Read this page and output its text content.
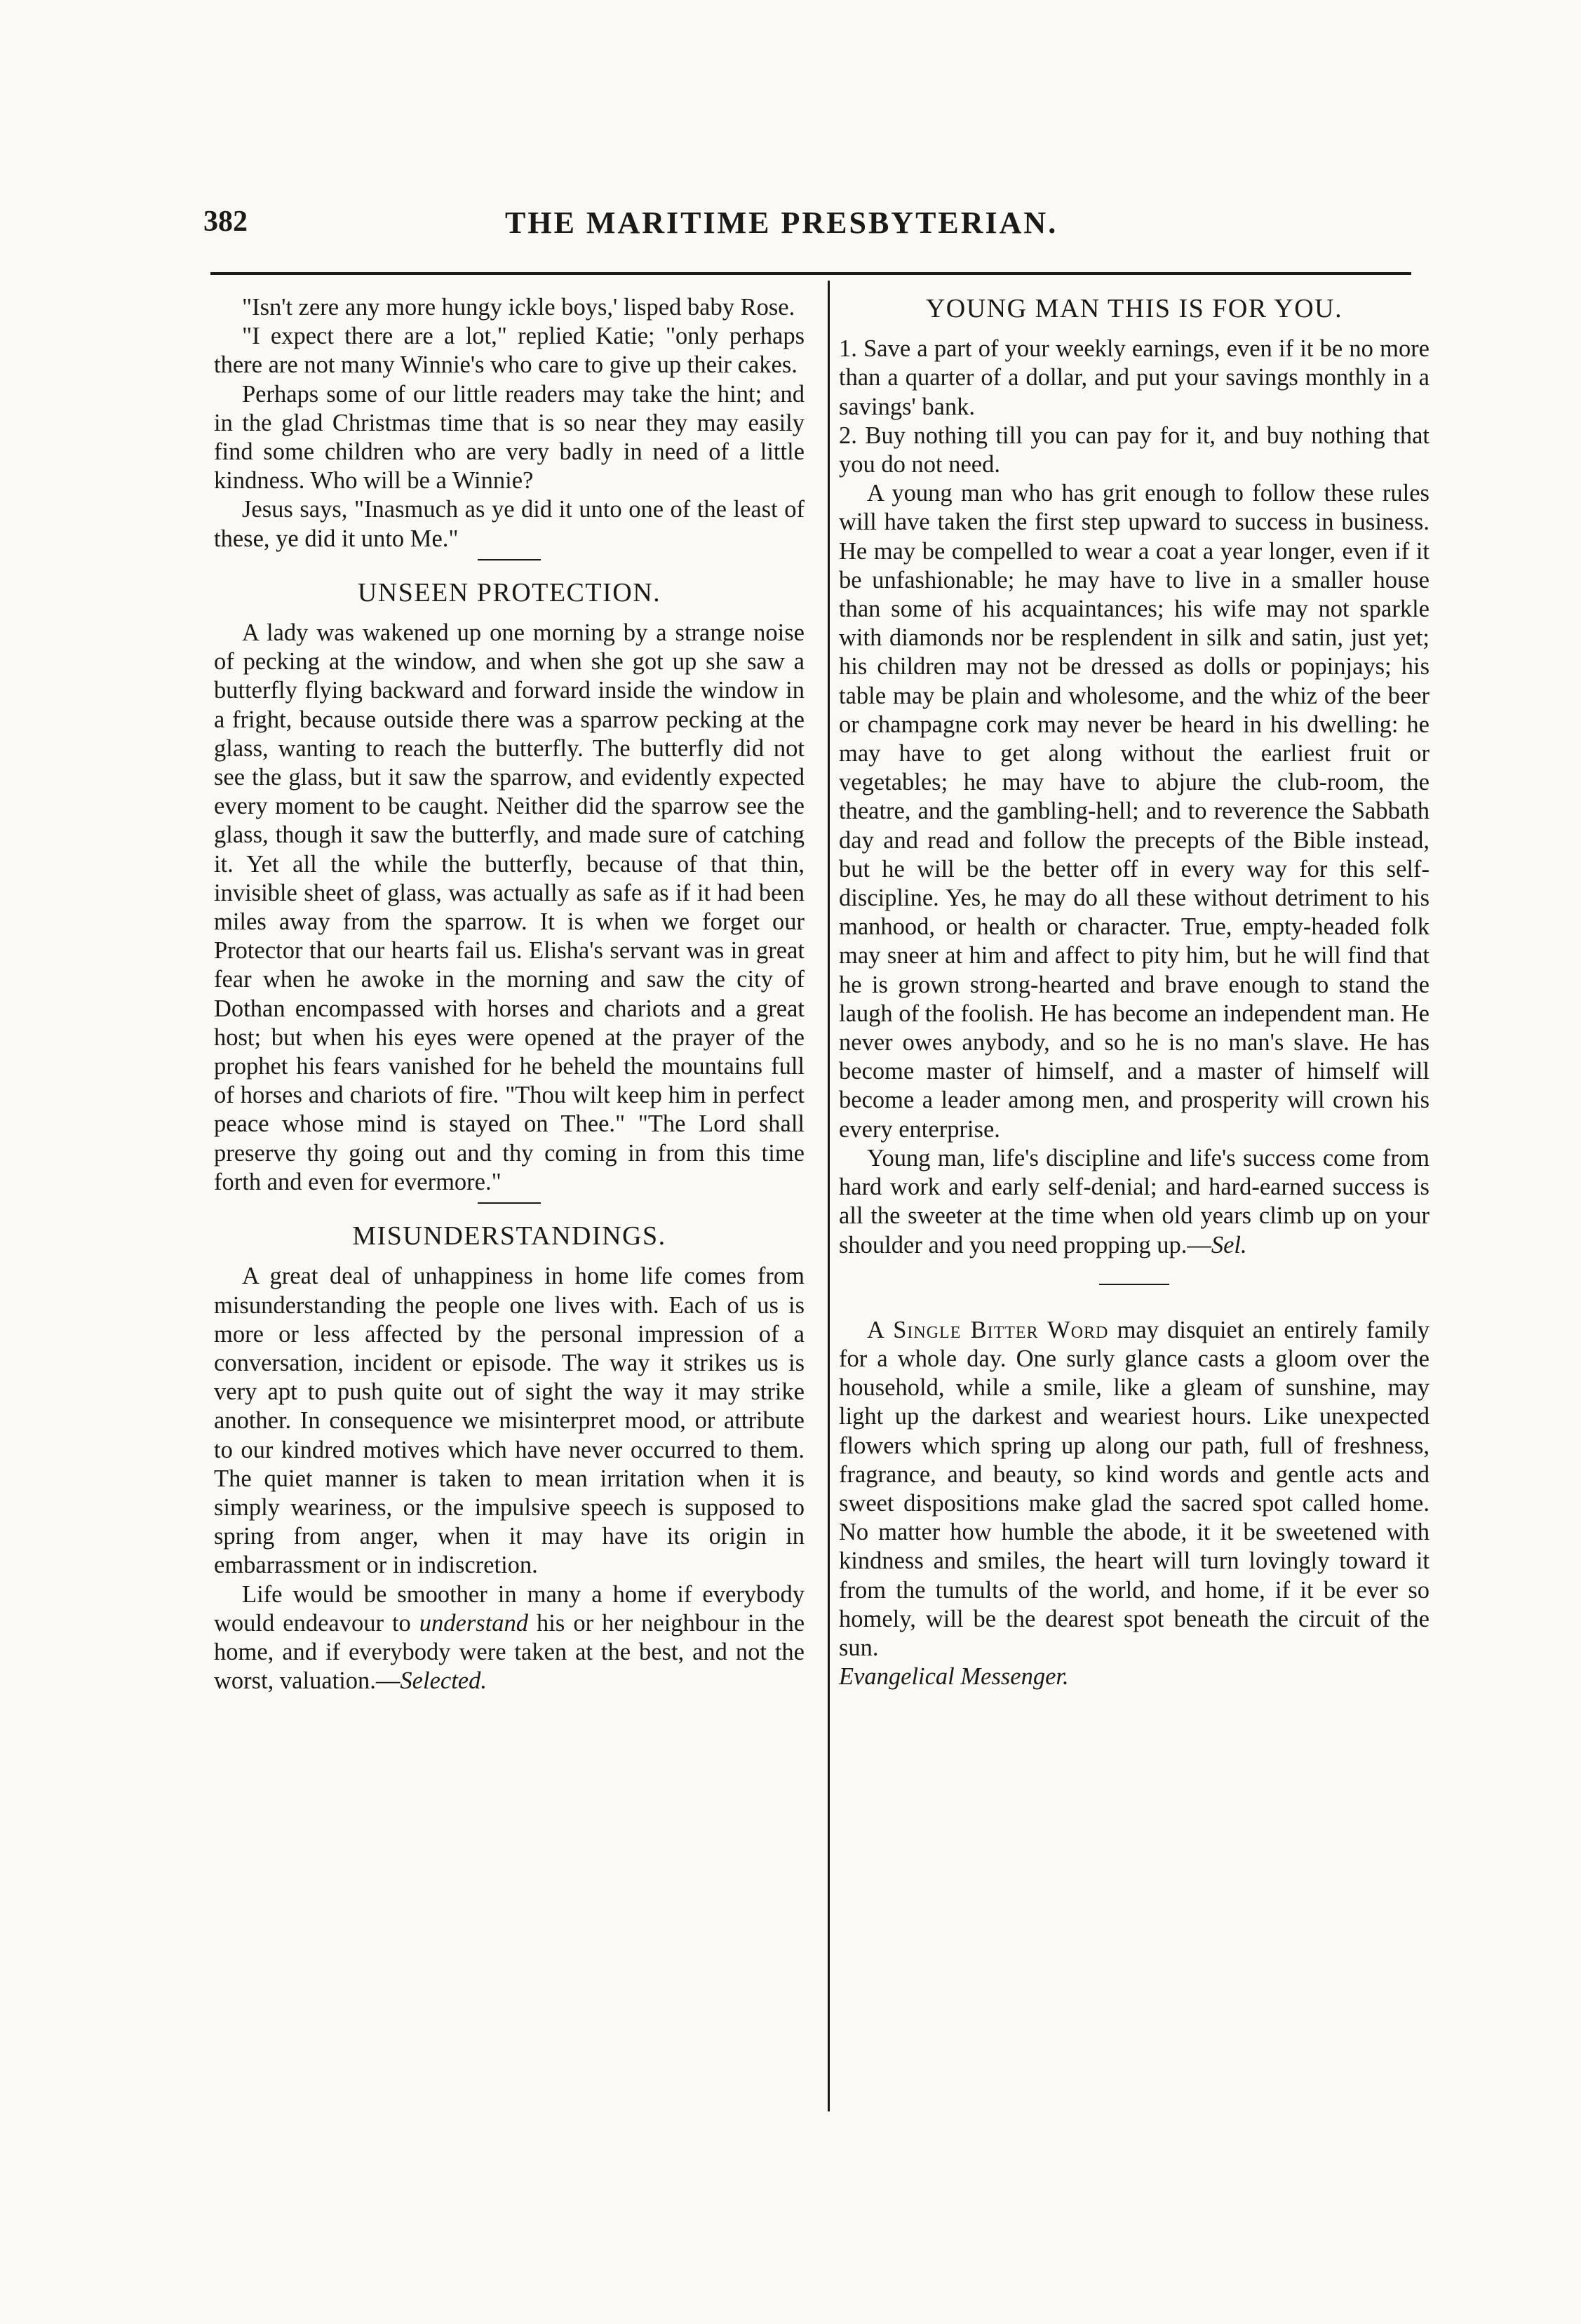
382	THE MARITIME PRESBYTERIAN.

"Isn't zere any more hungy ickle boys,' lisped baby Rose.

"I expect there are a lot," replied Katie; "only perhaps there are not many Winnie's who care to give up their cakes.

Perhaps some of our little readers may take the hint; and in the glad Christmas time that is so near they may easily find some children who are very badly in need of a little kindness. Who will be a Winnie?

Jesus says, "Inasmuch as ye did it unto one of the least of these, ye did it unto Me."

UNSEEN PROTECTION.

A lady was wakened up one morning by a strange noise of pecking at the window, and when she got up she saw a butterfly flying backward and forward inside the window in a fright, because outside there was a sparrow pecking at the glass, wanting to reach the butterfly. The butterfly did not see the glass, but it saw the sparrow, and evidently expected every moment to be caught. Neither did the sparrow see the glass, though it saw the butterfly, and made sure of catching it. Yet all the while the butterfly, because of that thin, invisible sheet of glass, was actually as safe as if it had been miles away from the sparrow. It is when we forget our Protector that our hearts fail us. Elisha's servant was in great fear when he awoke in the morning and saw the city of Dothan encompassed with horses and chariots and a great host; but when his eyes were opened at the prayer of the prophet his fears vanished for he beheld the mountains full of horses and chariots of fire. "Thou wilt keep him in perfect peace whose mind is stayed on Thee." "The Lord shall preserve thy going out and thy coming in from this time forth and even for evermore."

MISUNDERSTANDINGS.

A great deal of unhappiness in home life comes from misunderstanding the people one lives with. Each of us is more or less affected by the personal impression of a conversation, incident or episode. The way it strikes us is very apt to push quite out of sight the way it may strike another. In consequence we misinterpret mood, or attribute to our kindred motives which have never occurred to them. The quiet manner is taken to mean irritation when it is simply weariness, or the impulsive speech is supposed to spring from anger, when it may have its origin in embarrassment or in indiscretion.

Life would be smoother in many a home if everybody would endeavour to understand his or her neighbour in the home, and if everybody were taken at the best, and not the worst, valuation.—Selected.

YOUNG MAN THIS IS FOR YOU.

1. Save a part of your weekly earnings, even if it be no more than a quarter of a dollar, and put your savings monthly in a savings' bank.

2. Buy nothing till you can pay for it, and buy nothing that you do not need.

A young man who has grit enough to follow these rules will have taken the first step upward to success in business. He may be compelled to wear a coat a year longer, even if it be unfashionable; he may have to live in a smaller house than some of his acquaintances; his wife may not sparkle with diamonds nor be resplendent in silk and satin, just yet; his children may not be dressed as dolls or popinjays; his table may be plain and wholesome, and the whiz of the beer or champagne cork may never be heard in his dwelling: he may have to get along without the earliest fruit or vegetables; he may have to abjure the club-room, the theatre, and the gambling-hell; and to reverence the Sabbath day and read and follow the precepts of the Bible instead, but he will be the better off in every way for this self-discipline. Yes, he may do all these without detriment to his manhood, or health or character. True, empty-headed folk may sneer at him and affect to pity him, but he will find that he is grown strong-hearted and brave enough to stand the laugh of the foolish. He has become an independent man. He never owes anybody, and so he is no man's slave. He has become master of himself, and a master of himself will become a leader among men, and prosperity will crown his every enterprise.

Young man, life's discipline and life's success come from hard work and early self-denial; and hard-earned success is all the sweeter at the time when old years climb up on your shoulder and you need propping up.—Sel.

A Single Bitter Word may disquiet an entirely family for a whole day. One surly glance casts a gloom over the household, while a smile, like a gleam of sunshine, may light up the darkest and weariest hours. Like unexpected flowers which spring up along our path, full of freshness, fragrance, and beauty, so kind words and gentle acts and sweet dispositions make glad the sacred spot called home. No matter how humble the abode, it it be sweetened with kindness and smiles, the heart will turn lovingly toward it from the tumults of the world, and home, if it be ever so homely, will be the dearest spot beneath the circuit of the sun.

Evangelical Messenger.
